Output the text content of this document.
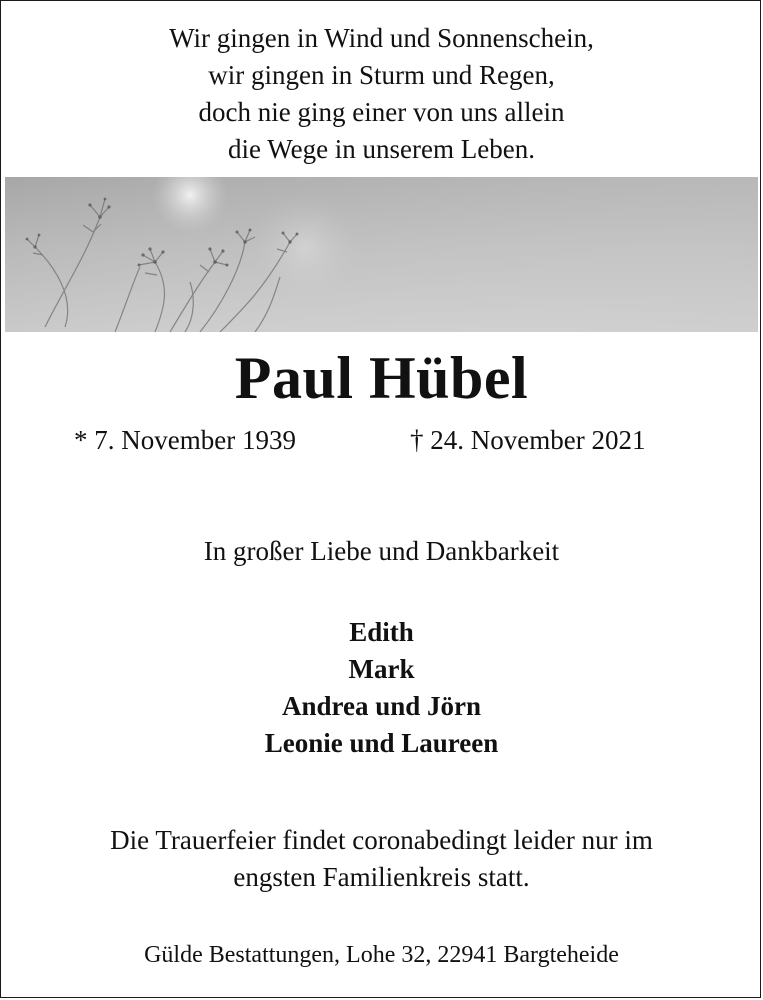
Wir gingen in Wind und Sonnenschein,
wir gingen in Sturm und Regen,
doch nie ging einer von uns allein
die Wege in unserem Leben.
Paul Hübel
* 7. November 1939	† 24. November 2021
In großer Liebe und Dankbarkeit
Edith
Mark
Andrea und Jörn
Leonie und Laureen
Die Trauerfeier findet coronabedingt leider nur im
engsten Familienkreis statt.
Gülde Bestattungen, Lohe 32, 22941 Bargteheide
